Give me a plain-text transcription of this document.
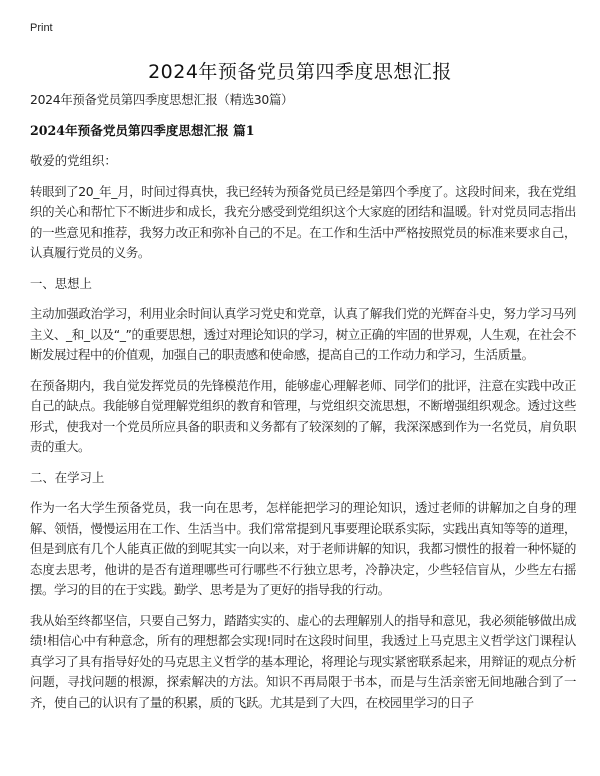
Print
2024年预备党员第四季度思想汇报

2024年预备党员第四季度思想汇报（精选30篇）

2024年预备党员第四季度思想汇报 篇1

敬爱的党组织：

转眼到了20_年_月，时间过得真快，我已经转为预备党员已经是第四个季度了。这段时间来，我在党组织的关心和帮忙下不断进步和成长，我充分感受到党组织这个大家庭的团结和温暖。针对党员同志指出的一些意见和推荐，我努力改正和弥补自己的不足。在工作和生活中严格按照党员的标准来要求自己，认真履行党员的义务。

一、思想上

主动加强政治学习，利用业余时间认真学习党史和党章，认真了解我们党的光辉奋斗史，努力学习马列主义、_和_以及“_”的重要思想，透过对理论知识的学习，树立正确的牢固的世界观，人生观，在社会不断发展过程中的价值观，加强自己的职责感和使命感，提高自己的工作动力和学习，生活质量。

在预备期内，我自觉发挥党员的先锋模范作用，能够虚心理解老师、同学们的批评，注意在实践中改正自己的缺点。我能够自觉理解党组织的教育和管理，与党组织交流思想，不断增强组织观念。透过这些形式，使我对一个党员所应具备的职责和义务都有了较深刻的了解，我深深感到作为一名党员，肩负职责的重大。

二、在学习上

作为一名大学生预备党员，我一向在思考，怎样能把学习的理论知识，透过老师的讲解加之自身的理解、领悟，慢慢运用在工作、生活当中。我们常常提到凡事要理论联系实际，实践出真知等等的道理，但是到底有几个人能真正做的到呢其实一向以来，对于老师讲解的知识，我都习惯性的报着一种怀疑的态度去思考，他讲的是否有道理哪些可行哪些不行独立思考，冷静决定，少些轻信盲从，少些左右摇摆。学习的目的在于实践。勤学、思考是为了更好的指导我的行动。

我从始至终都坚信，只要自己努力，踏踏实实的、虚心的去理解别人的指导和意见，我必须能够做出成绩!相信心中有种意念，所有的理想都会实现!同时在这段时间里，我透过上马克思主义哲学这门课程认真学习了具有指导好处的马克思主义哲学的基本理论，将理论与现实紧密联系起来，用辩证的观点分析问题，寻找问题的根源，探索解决的方法。知识不再局限于书本，而是与生活亲密无间地融合到了一齐，使自己的认识有了量的积累，质的飞跃。尤其是到了大四，在校园里学习的日子
